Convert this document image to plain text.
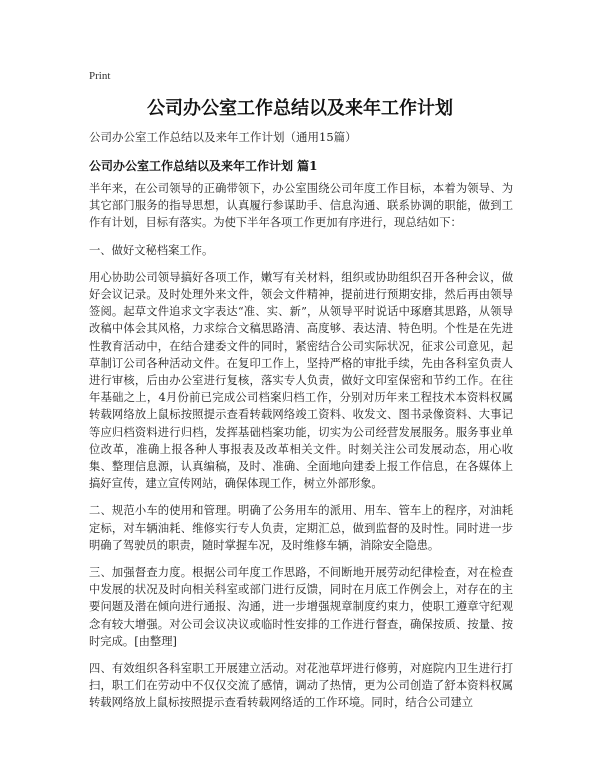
Print
公司办公室工作总结以及来年工作计划
公司办公室工作总结以及来年工作计划（通用15篇）
公司办公室工作总结以及来年工作计划 篇1

半年来，在公司领导的正确带领下，办公室围绕公司年度工作目标，本着为领导、为其它部门服务的指导思想，认真履行参谋助手、信息沟通、联系协调的职能，做到工作有计划，目标有落实。为使下半年各项工作更加有序进行，现总结如下：

一、做好文秘档案工作。

用心协助公司领导搞好各项工作，嫩写有关材料，组织或协助组织召开各种会议，做好会议记录。及时处理外来文件，领会文件精神，提前进行预期安排，然后再由领导签阅。起草文件追求文字表达“准、实、新”，从领导平时说话中琢磨其思路，从领导改稿中体会其风格，力求综合文稿思路清、高度够、表达清、特色明。个性是在先进性教育活动中，在结合建委文件的同时，紧密结合公司实际状况，征求公司意见，起草制订公司各种活动文件。在复印工作上，坚持严格的审批手续，先由各科室负责人进行审核，后由办公室进行复核，落实专人负责，做好文印室保密和节约工作。在往年基础之上，4月份前已完成公司档案归档工作，分别对历年来工程技术本资料权属转载网络放上鼠标按照提示查看转载网络竣工资料、收发文、图书录像资料、大事记等应归档资料进行归档，发挥基础档案功能，切实为公司经营发展服务。服务事业单位改革，准确上报各种人事报表及改革相关文件。时刻关注公司发展动态，用心收集、整理信息源，认真编稿，及时、准确、全面地向建委上报工作信息，在各媒体上搞好宣传，建立宣传网站，确保体现工作，树立外部形象。

二、规范小车的使用和管理。明确了公务用车的派用、用车、管车上的程序，对油耗定标，对车辆油耗、维修实行专人负责，定期汇总，做到监督的及时性。同时进一步明确了驾驶员的职责，随时掌握车况，及时维修车辆，消除安全隐患。

三、加强督查力度。根据公司年度工作思路，不间断地开展劳动纪律检查，对在检查中发展的状况及时向相关科室或部门进行反馈，同时在月底工作例会上，对存在的主要问题及潜在倾向进行通报、沟通，进一步增强规章制度约束力，使职工遵章守纪观念有较大增强。对公司会议决议或临时性安排的工作进行督查，确保按质、按量、按时完成。[由整理]

四、有效组织各科室职工开展建立活动。对花池草坪进行修剪，对庭院内卫生进行打扫，职工们在劳动中不仅仅交流了感情，调动了热情，更为公司创造了舒本资料权属转载网络放上鼠标按照提示查看转载网络适的工作环境。同时，结合公司建立
